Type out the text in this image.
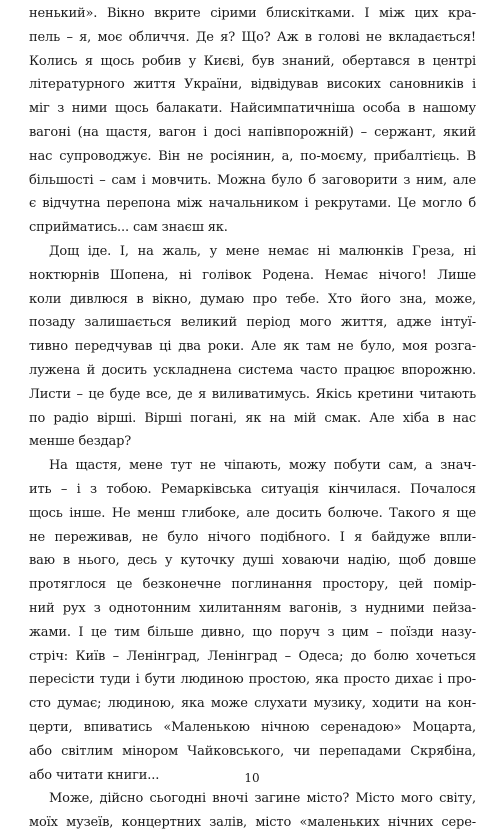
ненький». Вікно вкрите сірими блискітками. І між цих кра-
пель – я, моє обличчя. Де я? Що? Аж в голові не вкладається!
Колись я щось робив у Києві, був знаний, обертався в центрі
літературного життя України, відвідував високих сановників і
міг з ними щось балакати. Найсимпатичніша особа в нашому
вагоні (на щастя, вагон і досі напівпорожній) – сержант, який
нас супроводжує. Він не росіянин, а, по-моєму, прибалтієць. В
більшості – сам і мовчить. Можна було б заговорити з ним, але
є відчутна перепона між начальником і рекрутами. Це могло б
сприйматись... сам знаєш як.
Дощ іде. І, на жаль, у мене немає ні малюнків Греза, ні
ноктюрнів Шопена, ні голівок Родена. Немає нічого! Лише
коли дивлюся в вікно, думаю про тебе. Хто його зна, може,
позаду залишається великий період мого життя, адже інтуї-
тивно передчував ці два роки. Але як там не було, моя розга-
лужена й досить ускладнена система часто працює впорожню.
Листи – це буде все, де я виливатимусь. Якісь кретини читають
по радіо вірші. Вірші погані, як на мій смак. Але хіба в нас
менше бездар?
На щастя, мене тут не чіпають, можу побути сам, а знач-
ить – і з тобою. Ремарківська ситуація кінчилася. Почалося
щось інше. Не менш глибоке, але досить болюче. Такого я ще
не переживав, не було нічого подібного. І я байдуже впли-
ваю в нього, десь у куточку душі ховаючи надію, щоб довше
протяглося це безконечне поглинання простору, цей помір-
ний рух з однотонним хилитанням вагонів, з нудними пейза-
жами. І це тим більше дивно, що поруч з цим – поїзди назу-
стріч: Київ – Ленінград, Ленінград – Одеса; до болю хочеться
пересісти туди і бути людиною простою, яка просто дихає і про-
сто думає; людиною, яка може слухати музику, ходити на кон-
церти, впиватись «Маленькою нічною серенадою» Моцарта,
або світлим мінором Чайковського, чи перепадами Скрябіна,
або читати книги...
Може, дійсно сьогодні вночі загине місто? Місто мого світу,
моїх музеїв, концертних залів, місто «маленьких нічних сере-
10
